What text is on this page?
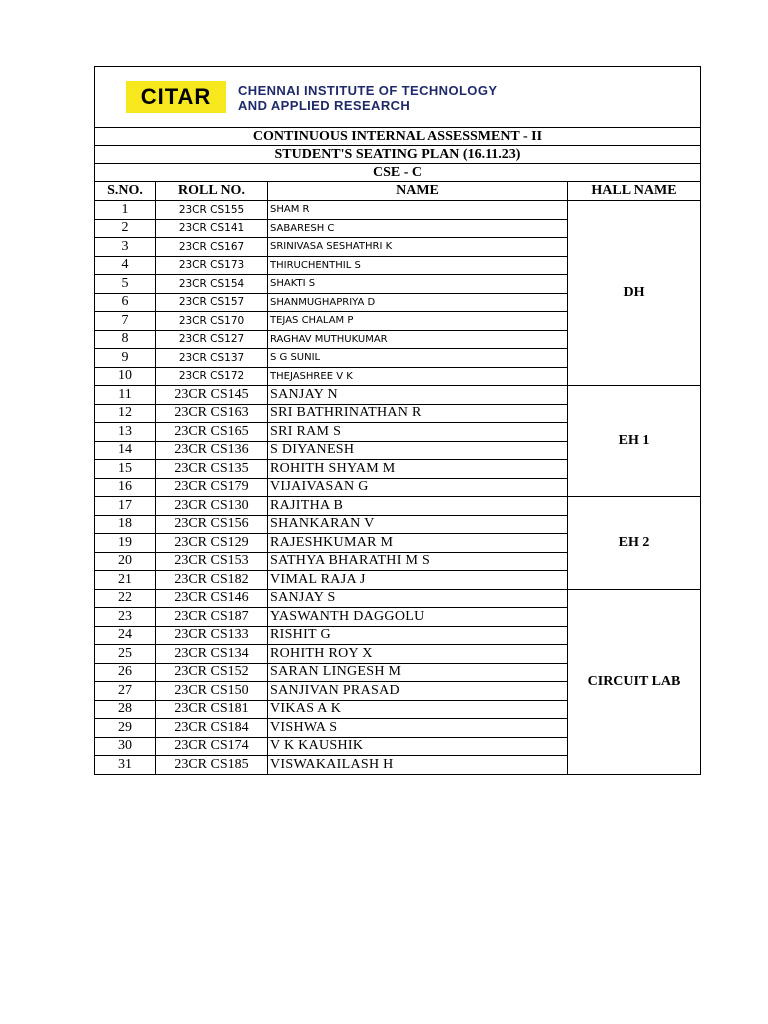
CITAR CHENNAI INSTITUTE OF TECHNOLOGY
AND APPLIED RESEARCH			

CONTINUOUS INTERNAL ASSESSMENT - II			
STUDENT'S SEATING PLAN (16.11.23)			
CSE - C			
S.NO.	ROLL NO.	NAME	HALL NAME
1	23CR CS155	SHAM R	DH
2	23CR CS141	SABARESH C	
3	23CR CS167	SRINIVASA SESHATHRI K	
4	23CR CS173	THIRUCHENTHIL S	
5	23CR CS154	SHAKTI S	
6	23CR CS157	SHANMUGHAPRIYA D	
7	23CR CS170	TEJAS CHALAM P	
8	23CR CS127	RAGHAV MUTHUKUMAR	
9	23CR CS137	S G SUNIL	
10	23CR CS172	THEJASHREE V K	
11	23CR CS145	SANJAY N	EH 1
12	23CR CS163	SRI BATHRINATHAN R	
13	23CR CS165	SRI RAM S	
14	23CR CS136	S DIYANESH	
15	23CR CS135	ROHITH SHYAM M	
16	23CR CS179	VIJAIVASAN G	
17	23CR CS130	RAJITHA B	EH 2
18	23CR CS156	SHANKARAN V	
19	23CR CS129	RAJESHKUMAR M	
20	23CR CS153	SATHYA BHARATHI M S	
21	23CR CS182	VIMAL RAJA J	
22	23CR CS146	SANJAY S	CIRCUIT LAB
23	23CR CS187	YASWANTH DAGGOLU	
24	23CR CS133	RISHIT G	
25	23CR CS134	ROHITH ROY X	
26	23CR CS152	SARAN LINGESH M	
27	23CR CS150	SANJIVAN PRASAD	
28	23CR CS181	VIKAS A K	
29	23CR CS184	VISHWA S	
30	23CR CS174	V K KAUSHIK	
31	23CR CS185	VISWAKAILASH H	
